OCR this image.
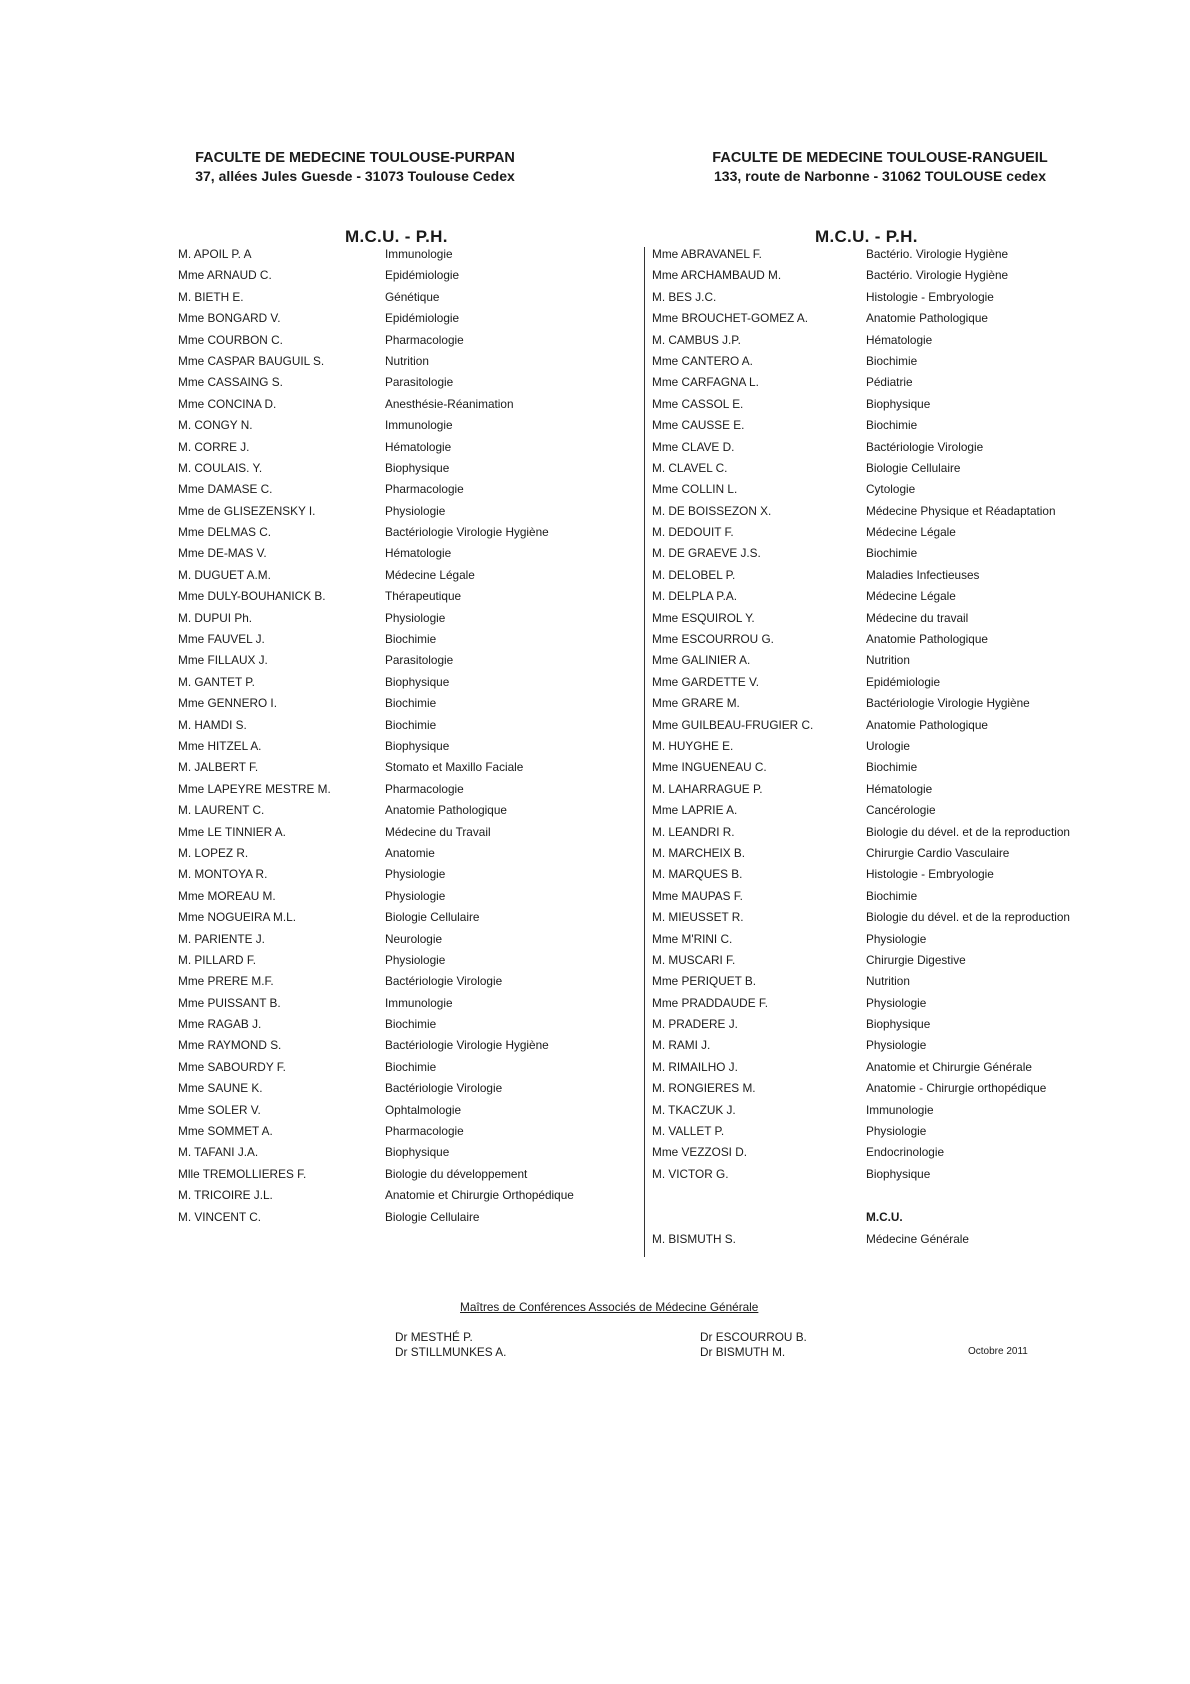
FACULTE DE MEDECINE TOULOUSE-PURPAN
37, allées Jules Guesde - 31073 Toulouse Cedex
FACULTE DE MEDECINE TOULOUSE-RANGUEIL
133, route de Narbonne - 31062 TOULOUSE cedex
M.C.U. - P.H.	M.C.U. - P.H.
M. APOIL P. A	Immunologie
Mme ARNAUD C.	Epidémiologie
M. BIETH E.	Génétique
Mme BONGARD V.	Epidémiologie
Mme COURBON C.	Pharmacologie
Mme CASPAR BAUGUIL S.	Nutrition
Mme CASSAING S.	Parasitologie
Mme CONCINA D.	Anesthésie-Réanimation
M. CONGY N.	Immunologie
M. CORRE J.	Hématologie
M. COULAIS. Y.	Biophysique
Mme DAMASE C.	Pharmacologie
Mme de GLISEZENSKY I.	Physiologie
Mme DELMAS C.	Bactériologie Virologie Hygiène
Mme DE-MAS V.	Hématologie
M. DUGUET A.M.	Médecine Légale
Mme DULY-BOUHANICK B.	Thérapeutique
M. DUPUI Ph.	Physiologie
Mme FAUVEL J.	Biochimie
Mme FILLAUX J.	Parasitologie
M. GANTET P.	Biophysique
Mme GENNERO I.	Biochimie
M. HAMDI S.	Biochimie
Mme HITZEL A.	Biophysique
M. JALBERT F.	Stomato et Maxillo Faciale
Mme LAPEYRE MESTRE M.	Pharmacologie
M. LAURENT C.	Anatomie Pathologique
Mme LE TINNIER A.	Médecine du Travail
M. LOPEZ R.	Anatomie
M. MONTOYA R.	Physiologie
Mme MOREAU M.	Physiologie
Mme NOGUEIRA M.L.	Biologie Cellulaire
M. PARIENTE J.	Neurologie
M. PILLARD F.	Physiologie
Mme PRERE M.F.	Bactériologie Virologie
Mme PUISSANT B.	Immunologie
Mme RAGAB J.	Biochimie
Mme RAYMOND S.	Bactériologie Virologie Hygiène
Mme SABOURDY F.	Biochimie
Mme SAUNE K.	Bactériologie Virologie
Mme SOLER V.	Ophtalmologie
Mme SOMMET A.	Pharmacologie
M. TAFANI J.A.	Biophysique
Mlle TREMOLLIERES F.	Biologie du développement
M. TRICOIRE J.L.	Anatomie et Chirurgie Orthopédique
M. VINCENT C.	Biologie Cellulaire
Mme ABRAVANEL F.	Bactério. Virologie Hygiène
Mme ARCHAMBAUD M.	Bactério. Virologie Hygiène
M. BES J.C.	Histologie - Embryologie
Mme BROUCHET-GOMEZ A.	Anatomie Pathologique
M. CAMBUS J.P.	Hématologie
Mme CANTERO A.	Biochimie
Mme CARFAGNA L.	Pédiatrie
Mme CASSOL E.	Biophysique
Mme CAUSSE E.	Biochimie
Mme CLAVE D.	Bactériologie Virologie
M. CLAVEL C.	Biologie Cellulaire
Mme COLLIN L.	Cytologie
M. DE BOISSEZON X.	Médecine Physique et Réadaptation
M. DEDOUIT F.	Médecine Légale
M. DE GRAEVE J.S.	Biochimie
M. DELOBEL P.	Maladies Infectieuses
M. DELPLA P.A.	Médecine Légale
Mme ESQUIROL Y.	Médecine du travail
Mme ESCOURROU G.	Anatomie Pathologique
Mme GALINIER A.	Nutrition
Mme GARDETTE V.	Epidémiologie
Mme GRARE M.	Bactériologie Virologie Hygiène
Mme GUILBEAU-FRUGIER C.	Anatomie Pathologique
M. HUYGHE E.	Urologie
Mme INGUENEAU C.	Biochimie
M. LAHARRAGUE P.	Hématologie
Mme LAPRIE A.	Cancérologie
M. LEANDRI R.	Biologie du dével. et de la reproduction
M. MARCHEIX B.	Chirurgie Cardio Vasculaire
M. MARQUES B.	Histologie - Embryologie
Mme MAUPAS F.	Biochimie
M. MIEUSSET R.	Biologie du dével. et de la reproduction
Mme M'RINI C.	Physiologie
M. MUSCARI F.	Chirurgie Digestive
Mme PERIQUET B.	Nutrition
Mme PRADDAUDE F.	Physiologie
M. PRADERE J.	Biophysique
M. RAMI J.	Physiologie
M. RIMAILHO J.	Anatomie et Chirurgie Générale
M. RONGIERES M.	Anatomie - Chirurgie orthopédique
M. TKACZUK J.	Immunologie
M. VALLET P.	Physiologie
Mme VEZZOSI D.	Endocrinologie
M. VICTOR G.	Biophysique
M.C.U.
M. BISMUTH S.	Médecine Générale
Maîtres de Conférences Associés de Médecine Générale
Dr MESTHÉ P.
Dr STILLMUNKES A.
Dr ESCOURROU B.
Dr BISMUTH M.	Octobre 2011
